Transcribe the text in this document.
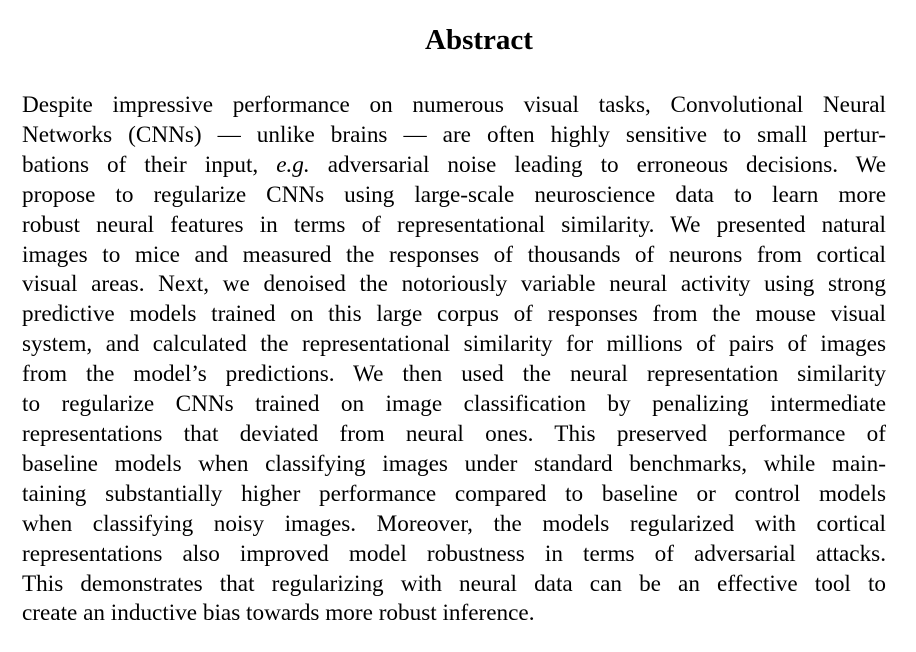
Abstract
Despite impressive performance on numerous visual tasks, Convolutional Neural
Networks (CNNs) — unlike brains — are often highly sensitive to small pertur-
bations of their input, e.g. adversarial noise leading to erroneous decisions. We
propose to regularize CNNs using large-scale neuroscience data to learn more
robust neural features in terms of representational similarity. We presented natural
images to mice and measured the responses of thousands of neurons from cortical
visual areas. Next, we denoised the notoriously variable neural activity using strong
predictive models trained on this large corpus of responses from the mouse visual
system, and calculated the representational similarity for millions of pairs of images
from the model’s predictions. We then used the neural representation similarity
to regularize CNNs trained on image classification by penalizing intermediate
representations that deviated from neural ones. This preserved performance of
baseline models when classifying images under standard benchmarks, while main-
taining substantially higher performance compared to baseline or control models
when classifying noisy images. Moreover, the models regularized with cortical
representations also improved model robustness in terms of adversarial attacks.
This demonstrates that regularizing with neural data can be an effective tool to
create an inductive bias towards more robust inference.
